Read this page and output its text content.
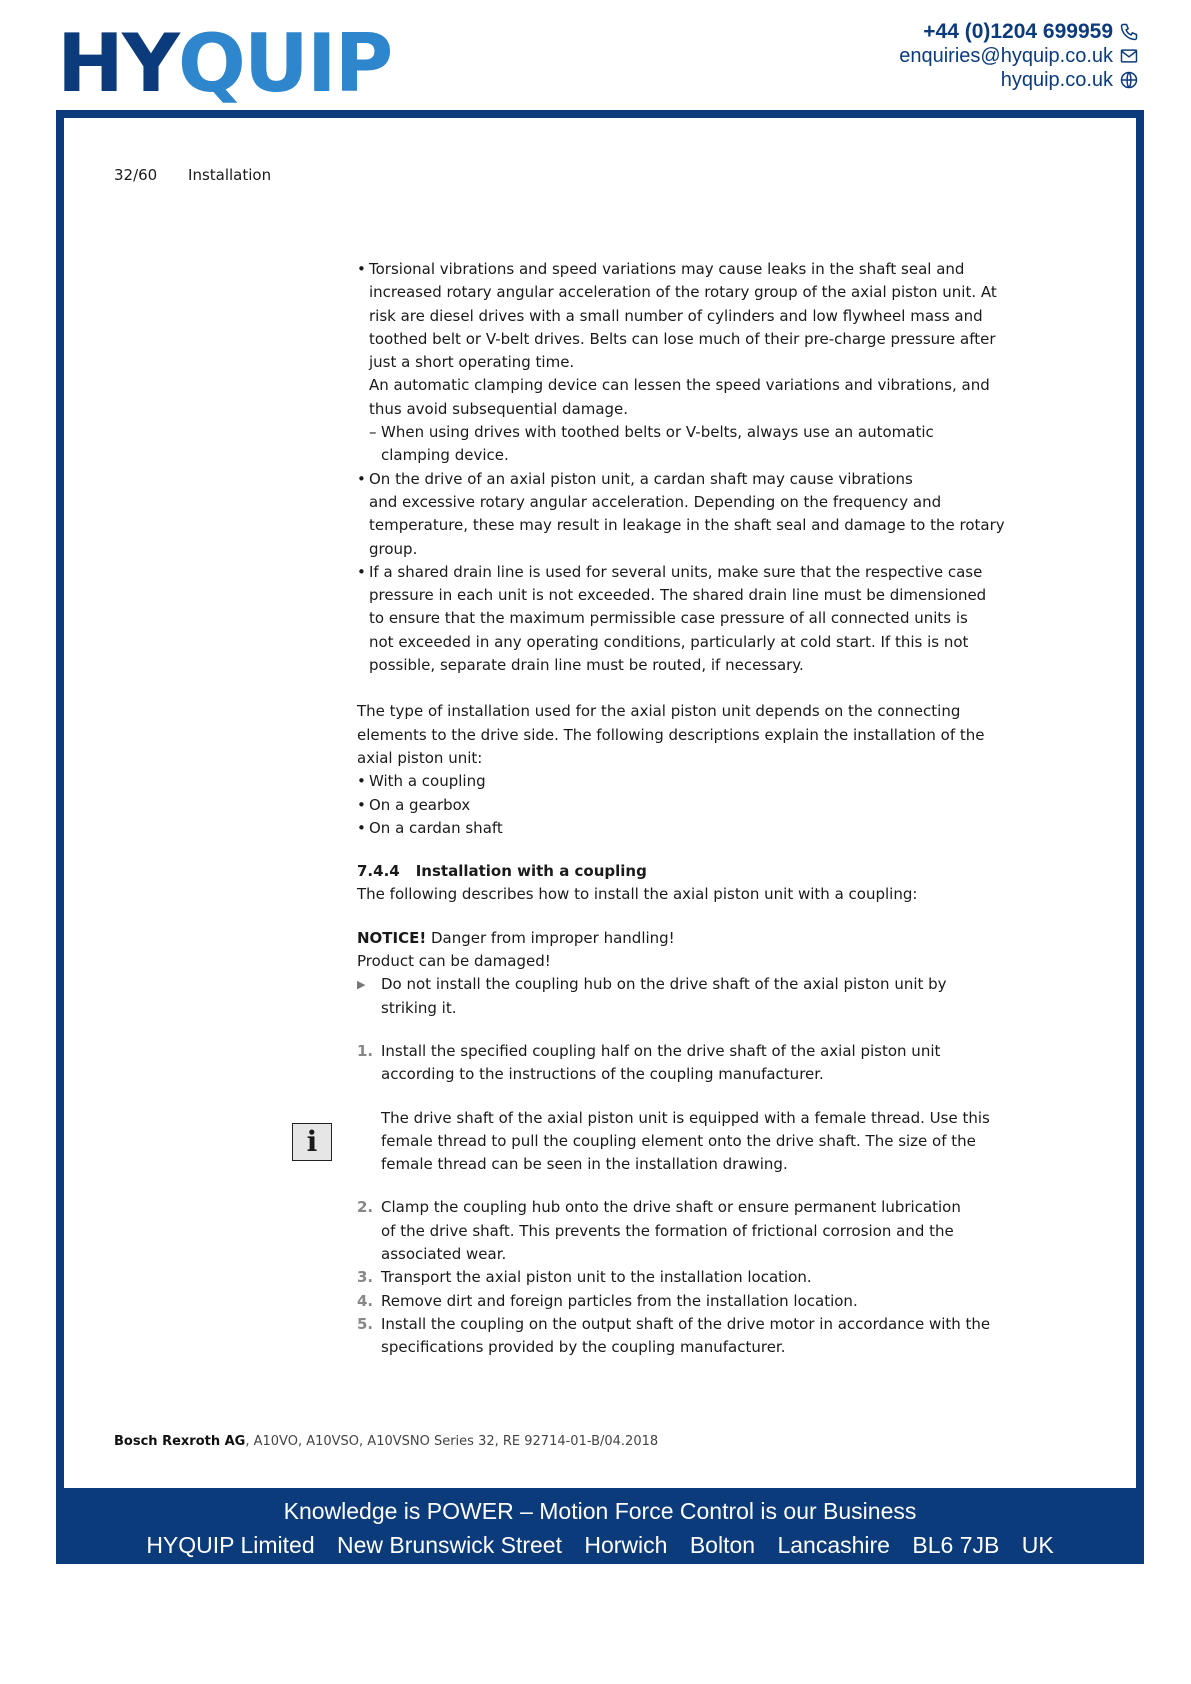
HYQUIP	+44 (0)1204 699959
enquiries@hyquip.co.uk
hyquip.co.uk
32/60 Installation

• Torsional vibrations and speed variations may cause leaks in the shaft seal and

increased rotary angular acceleration of the rotary group of the axial piston unit. At

risk are diesel drives with a small number of cylinders and low flywheel mass and

toothed belt or V-belt drives. Belts can lose much of their pre-charge pressure after

just a short operating time.

An automatic clamping device can lessen the speed variations and vibrations, and

thus avoid subsequential damage.

– When using drives with toothed belts or V-belts, always use an automatic

clamping device.

• On the drive of an axial piston unit, a cardan shaft may cause vibrations

and excessive rotary angular acceleration. Depending on the frequency and

temperature, these may result in leakage in the shaft seal and damage to the rotary

group.

• If a shared drain line is used for several units, make sure that the respective case

pressure in each unit is not exceeded. The shared drain line must be dimensioned

to ensure that the maximum permissible case pressure of all connected units is

not exceeded in any operating conditions, particularly at cold start. If this is not

possible, separate drain line must be routed, if necessary.

The type of installation used for the axial piston unit depends on the connecting

elements to the drive side. The following descriptions explain the installation of the

axial piston unit:

• With a coupling
• On a gearbox
• On a cardan shaft
7.4.4 Installation with a coupling

The following describes how to install the axial piston unit with a coupling:

NOTICE! Danger from improper handling!

Product can be damaged!

▶ Do not install the coupling hub on the drive shaft of the axial piston unit by

striking it.

1. Install the specified coupling half on the drive shaft of the axial piston unit

according to the instructions of the coupling manufacturer.

The drive shaft of the axial piston unit is equipped with a female thread. Use this

female thread to pull the coupling element onto the drive shaft. The size of the

female thread can be seen in the installation drawing.

2. Clamp the coupling hub onto the drive shaft or ensure permanent lubrication

of the drive shaft. This prevents the formation of frictional corrosion and the

associated wear.

3. Transport the axial piston unit to the installation location.

4. Remove dirt and foreign particles from the installation location.

5. Install the coupling on the output shaft of the drive motor in accordance with the

specifications provided by the coupling manufacturer.

i
Bosch Rexroth AG, A10VO, A10VSO, A10VSNO Series 32, RE 92714-01-B/04.2018
Knowledge is POWER – Motion Force Control is our Business
HYQUIP Limited New Brunswick Street Horwich Bolton Lancashire BL6 7JB UK
